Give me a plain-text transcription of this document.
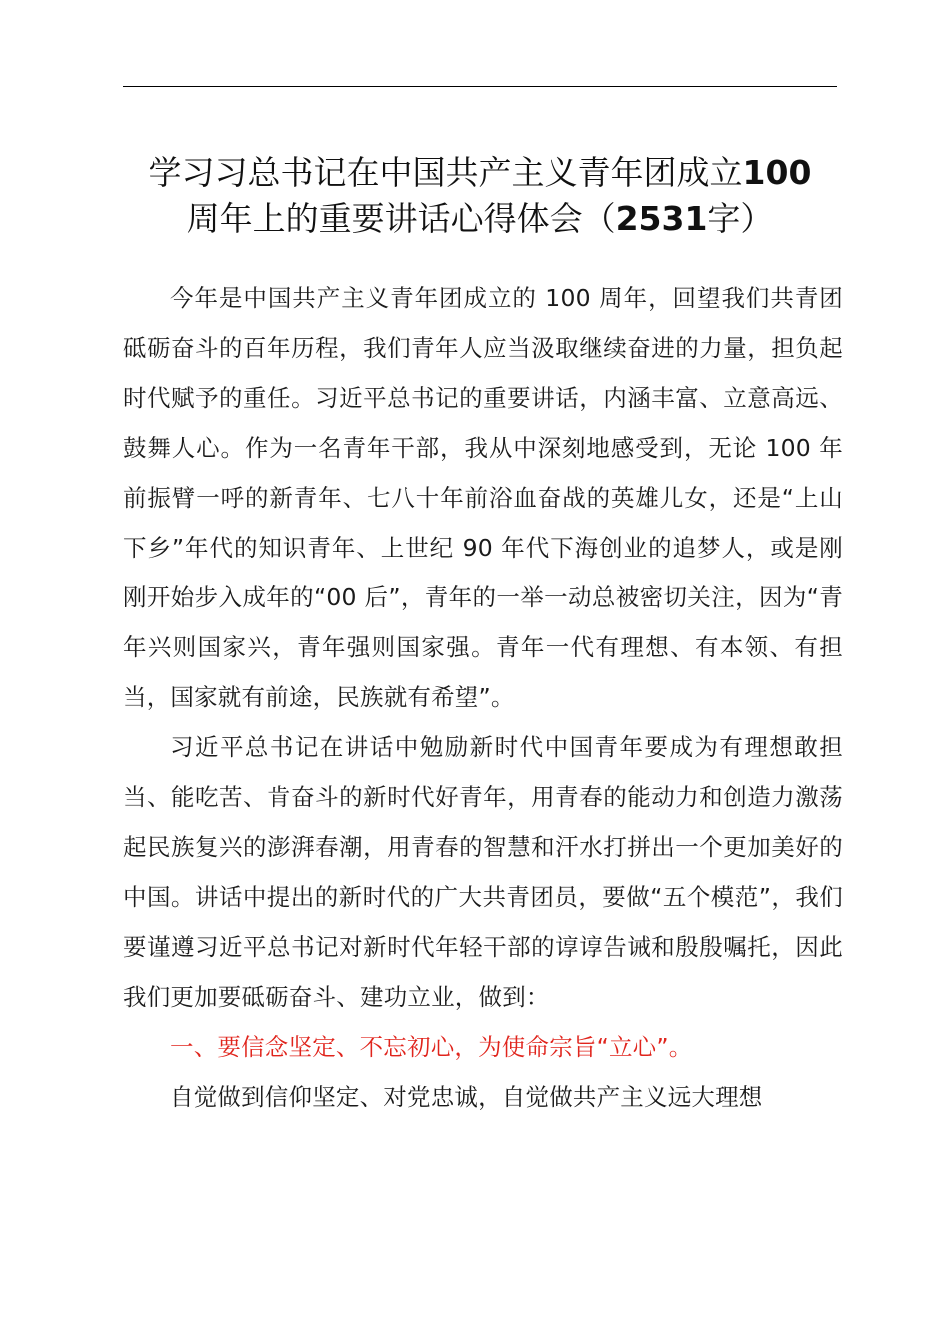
学习习总书记在中国共产主义青年团成立100
周年上的重要讲话心得体会（2531字）

今年是中国共产主义青年团成立的 100 周年，回望我们共青团砥砺奋斗的百年历程，我们青年人应当汲取继续奋进的力量，担负起时代赋予的重任。习近平总书记的重要讲话，内涵丰富、立意高远、鼓舞人心。作为一名青年干部，我从中深刻地感受到，无论 100 年前振臂一呼的新青年、七八十年前浴血奋战的英雄儿女，还是“上山下乡”年代的知识青年、上世纪 90 年代下海创业的追梦人，或是刚刚开始步入成年的“00 后”，青年的一举一动总被密切关注，因为“青年兴则国家兴，青年强则国家强。青年一代有理想、有本领、有担当，国家就有前途，民族就有希望”。

习近平总书记在讲话中勉励新时代中国青年要成为有理想敢担当、能吃苦、肯奋斗的新时代好青年，用青春的能动力和创造力激荡起民族复兴的澎湃春潮，用青春的智慧和汗水打拼出一个更加美好的中国。讲话中提出的新时代的广大共青团员，要做“五个模范”，我们要谨遵习近平总书记对新时代年轻干部的谆谆告诫和殷殷嘱托，因此我们更加要砥砺奋斗、建功立业，做到：

一、要信念坚定、不忘初心，为使命宗旨“立心”。

自觉做到信仰坚定、对党忠诚，自觉做共产主义远大理想
